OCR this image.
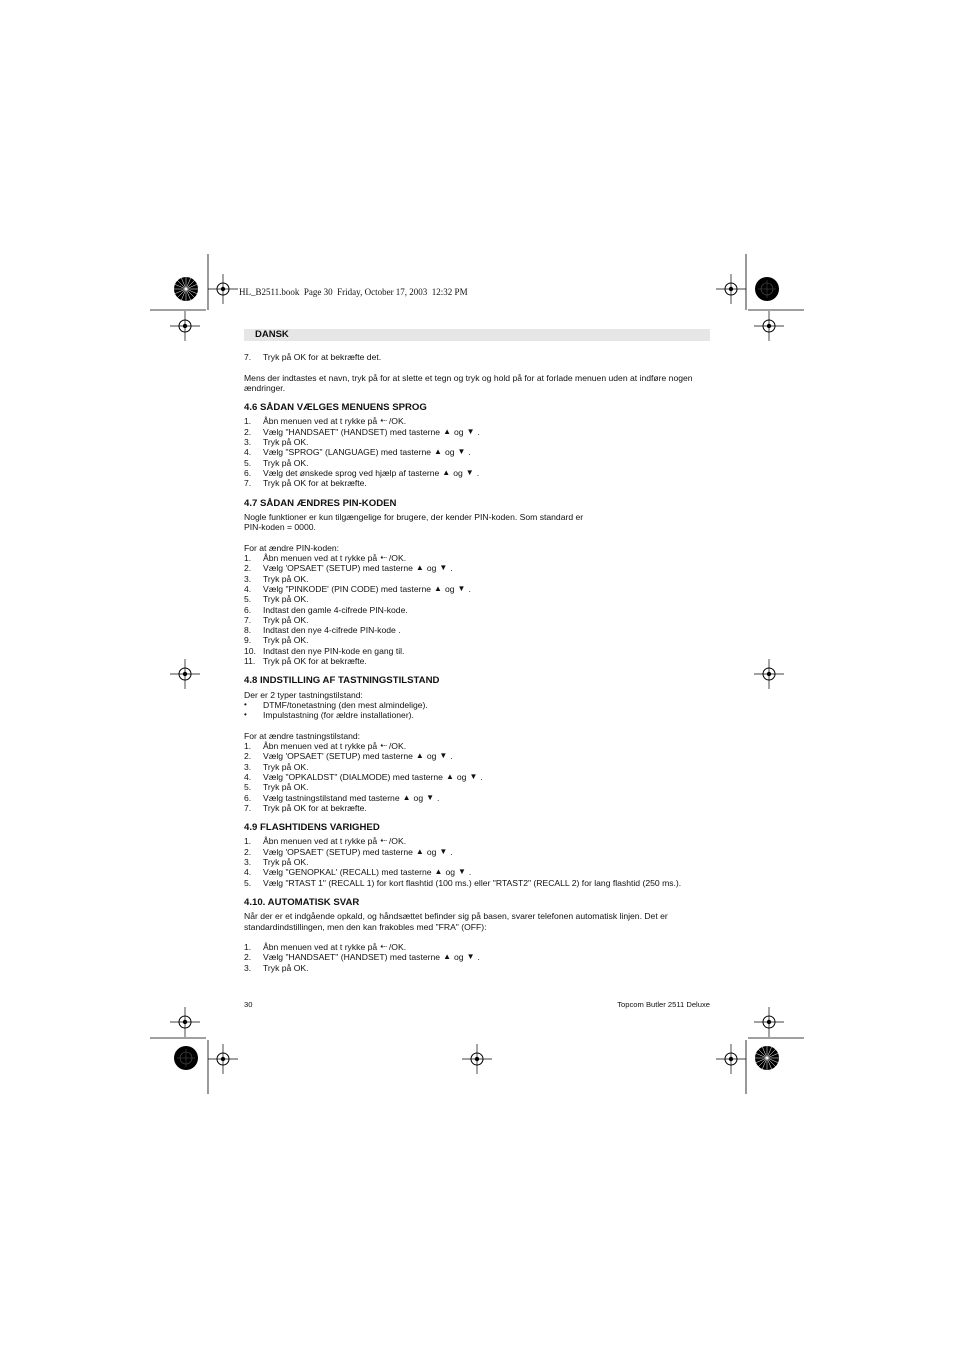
HL_B2511.book  Page 30  Friday, October 17, 2003  12:32 PM
DANSK
7.	Tryk på OK for at bekræfte det.

Mens der indtastes et navn, tryk på for at slette et tegn og tryk og hold på for at forlade menuen uden at indføre nogen ændringer.

4.6 SÅDAN VÆLGES MENUENS SPROG
1.	Åbn menuen ved at t rykke på ⇠ /OK.
2.	Vælg "HANDSAET" (HANDSET) med tasterne ▲ og ▼ .
3.	Tryk på OK.
4.	Vælg "SPROG" (LANGUAGE) med tasterne ▲ og ▼ .
5.	Tryk på OK.
6.	Vælg det ønskede sprog ved hjælp af tasterne ▲ og ▼ .
7.	Tryk på OK for at bekræfte.
4.7 SÅDAN ÆNDRES PIN-KODEN
Nogle funktioner er kun tilgængelige for brugere, der kender PIN-koden. Som standard er
PIN-koden = 0000.
For at ændre PIN-koden:
1.	Åbn menuen ved at t rykke på ⇠ /OK.
2.	Vælg 'OPSAET' (SETUP) med tasterne ▲ og ▼ .
3.	Tryk på OK.
4.	Vælg "PINKODE' (PIN CODE) med tasterne ▲ og ▼ .
5.	Tryk på OK.
6.	Indtast den gamle 4-cifrede PIN-kode.
7.	Tryk på OK.
8.	Indtast den nye 4-cifrede PIN-kode .
9.	Tryk på OK.
10. Indtast den nye PIN-kode en gang til.
11. Tryk på OK for at bekræfte.
4.8 INDSTILLING AF TASTNINGSTILSTAND
Der er 2 typer tastningstilstand:
•	DTMF/tonetastning (den mest almindelige).
•	Impulstastning (for ældre installationer).
For at ændre tastningstilstand:
1.	Åbn menuen ved at t rykke på ⇠ /OK.
2.	Vælg 'OPSAET' (SETUP) med tasterne ▲ og ▼ .
3.	Tryk på OK.
4.	Vælg "OPKALDST" (DIALMODE) med tasterne ▲ og ▼ .
5.	Tryk på OK.
6.	Vælg tastningstilstand med tasterne ▲ og ▼ .
7.	Tryk på OK for at bekræfte.
4.9 FLASHTIDENS VARIGHED
1.	Åbn menuen ved at t rykke på ⇠ /OK.
2.	Vælg 'OPSAET' (SETUP) med tasterne ▲ og ▼ .
3.	Tryk på OK.
4.	Vælg "GENOPKAL' (RECALL) med tasterne ▲ og ▼ .
5.	Vælg "RTAST 1" (RECALL 1) for kort flashtid (100 ms.) eller "RTAST2" (RECALL 2) for lang flashtid (250 ms.).
4.10. AUTOMATISK SVAR
Når der er et indgående opkald, og håndsættet befinder sig på basen, svarer telefonen automatisk linjen. Det er
standardindstillingen, men den kan frakobles med "FRA" (OFF):
1.	Åbn menuen ved at t rykke på ⇠ /OK.
2.	Vælg "HANDSAET" (HANDSET) med tasterne ▲ og ▼ .
3.	Tryk på OK.
30	Topcom Butler 2511 Deluxe
